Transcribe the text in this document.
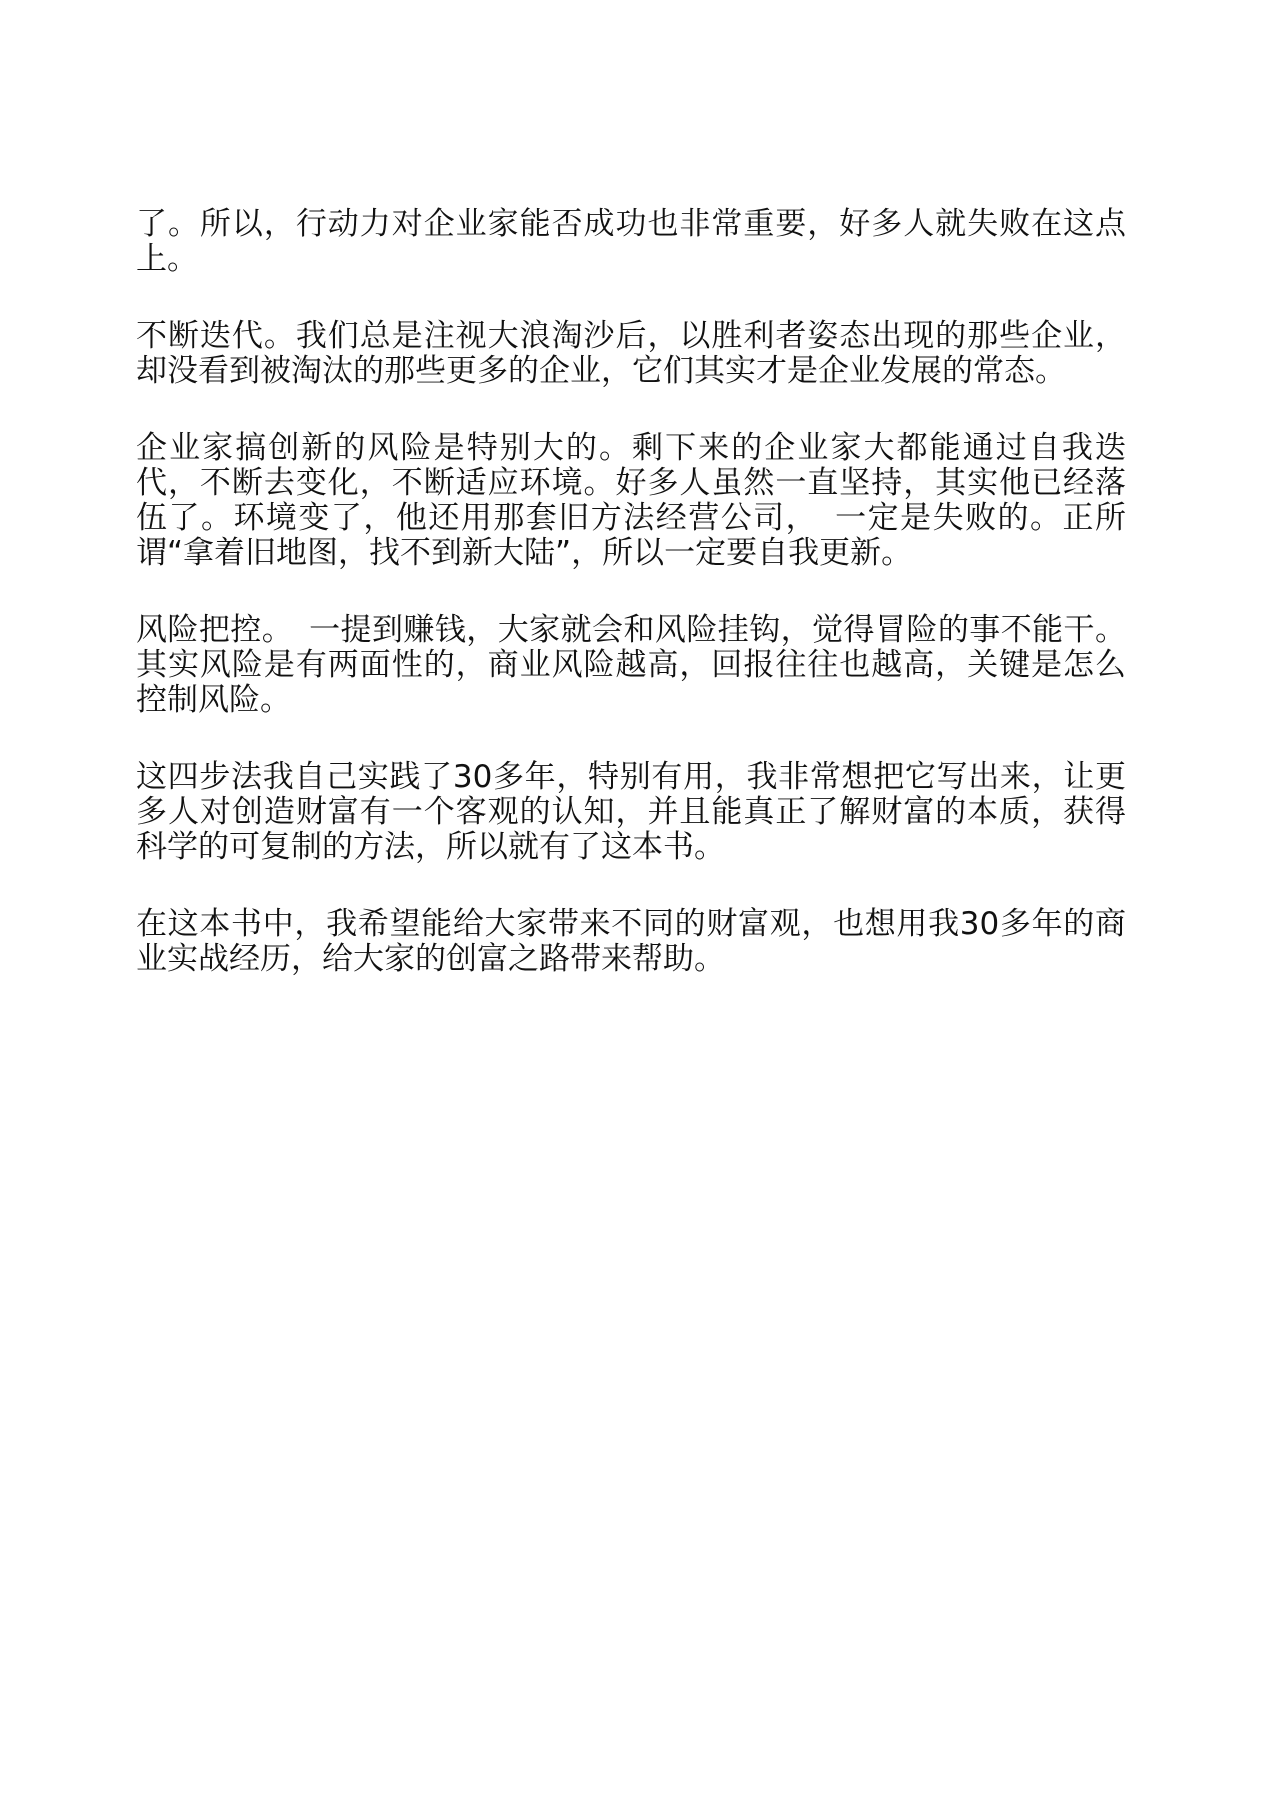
了。所以，行动力对企业家能否成功也非常重要，好多人就失败在这点上。

不断迭代。我们总是注视大浪淘沙后，以胜利者姿态出现的那些企业，却没看到被淘汰的那些更多的企业，它们其实才是企业发展的常态。

企业家搞创新的风险是特别大的。剩下来的企业家大都能通过自我迭代，不断去变化，不断适应环境。好多人虽然一直坚持，其实他已经落伍了。环境变了，他还用那套旧方法经营公司，　一定是失败的。正所谓“拿着旧地图，找不到新大陆”，所以一定要自我更新。

风险把控。　一提到赚钱，大家就会和风险挂钩，觉得冒险的事不能干。其实风险是有两面性的，商业风险越高，回报往往也越高，关键是怎么控制风险。

这四步法我自己实践了30多年，特别有用，我非常想把它写出来，让更多人对创造财富有一个客观的认知，并且能真正了解财富的本质，获得科学的可复制的方法，所以就有了这本书。

在这本书中，我希望能给大家带来不同的财富观，也想用我30多年的商业实战经历，给大家的创富之路带来帮助。
